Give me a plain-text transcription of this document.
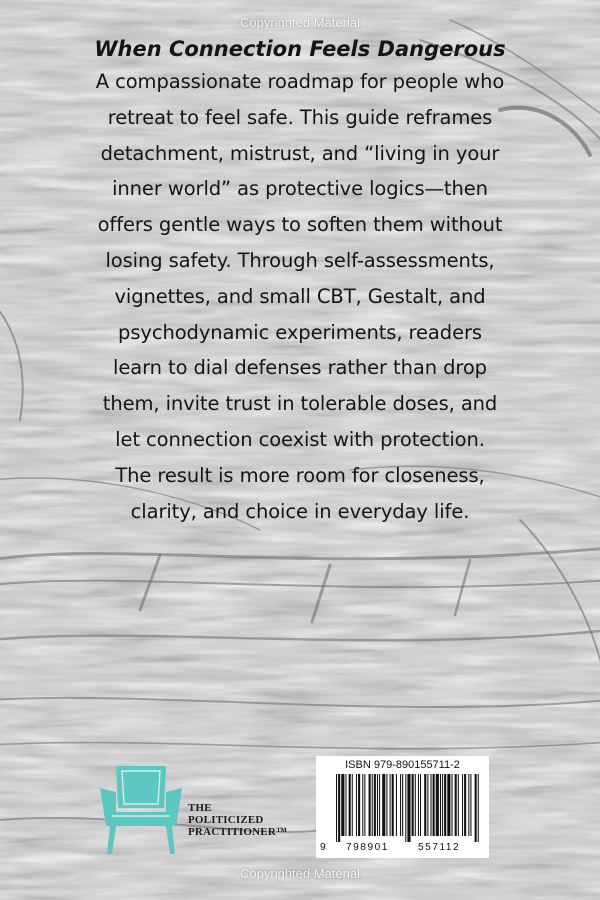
Copyrighted Material

When Connection Feels Dangerous

A compassionate roadmap for people who
retreat to feel safe. This guide reframes
detachment, mistrust, and “living in your
inner world” as protective logics—then
offers gentle ways to soften them without
losing safety. Through self-assessments,
vignettes, and small CBT, Gestalt, and
psychodynamic experiments, readers
learn to dial defenses rather than drop
them, invite trust in tolerable doses, and
let connection coexist with protection.
The result is more room for closeness,
clarity, and choice in everyday life.

THE
POLITICIZED
PRACTITIONER™
ISBN 979-890155711-2
9 798901	557112
Copyrighted Material
